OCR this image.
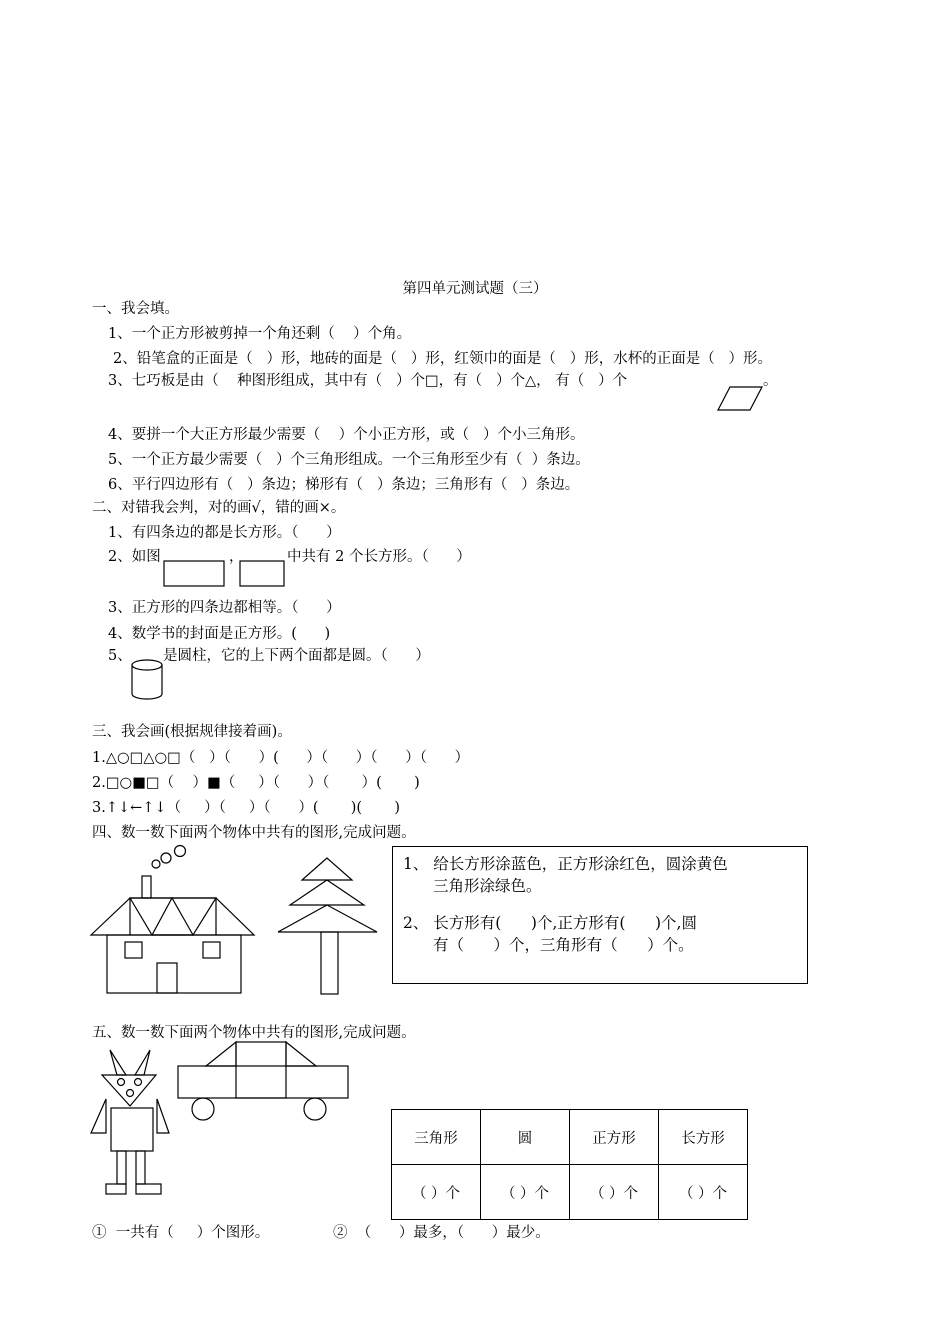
第四单元测试题（三）
一、我会填。
1、一个正方形被剪掉一个角还剩（    ）个角。
2、铅笔盒的正面是（   ）形，地砖的面是（   ）形，红领巾的面是（   ）形，水杯的正面是（   ）形。
3、七巧板是由（    种图形组成，其中有（   ）个□，有（   ）个△， 有（   ）个	。
4、要拼一个大正方形最少需要（    ）个小正方形，或（   ）个小三角形。
5、一个正方最少需要（   ）个三角形组成。一个三角形至少有（  ）条边。
6、平行四边形有（   ）条边；梯形有（   ）条边；三角形有（   ）条边。
二、对错我会判，对的画√，错的画×。
1、有四条边的都是长方形。（      ）
2、如图	，	中共有 2 个长方形。（      ）
3、正方形的四条边都相等。（      ）
4、数学书的封面是正方形。(      )
5、 是圆柱，它的上下两个面都是圆。（      ）
三、我会画(根据规律接着画)。
1.△○□△○□（   ）（      ）(      ）（      ）（      ）（      ）
2.□○■□（    ）■（     ）（      ）（       ）(       )
3.↑↓←↑↓（     ）（     ）（      ）(       )(       )
四、数一数下面两个物体中共有的图形,完成问题。
1、 给长方形涂蓝色，正方形涂红色，圆涂黄色
三角形涂绿色。
2、 长方形有(      )个,正方形有(      )个,圆
有（      ）个，三角形有（      ）个。
五、数一数下面两个物体中共有的图形,完成问题。
三角形	圆	正方形	长方形
（ ）个	（ ）个	（ ）个	（ ）个
①  一共有（     ）个图形。	②  （      ）最多，（      ）最少。
